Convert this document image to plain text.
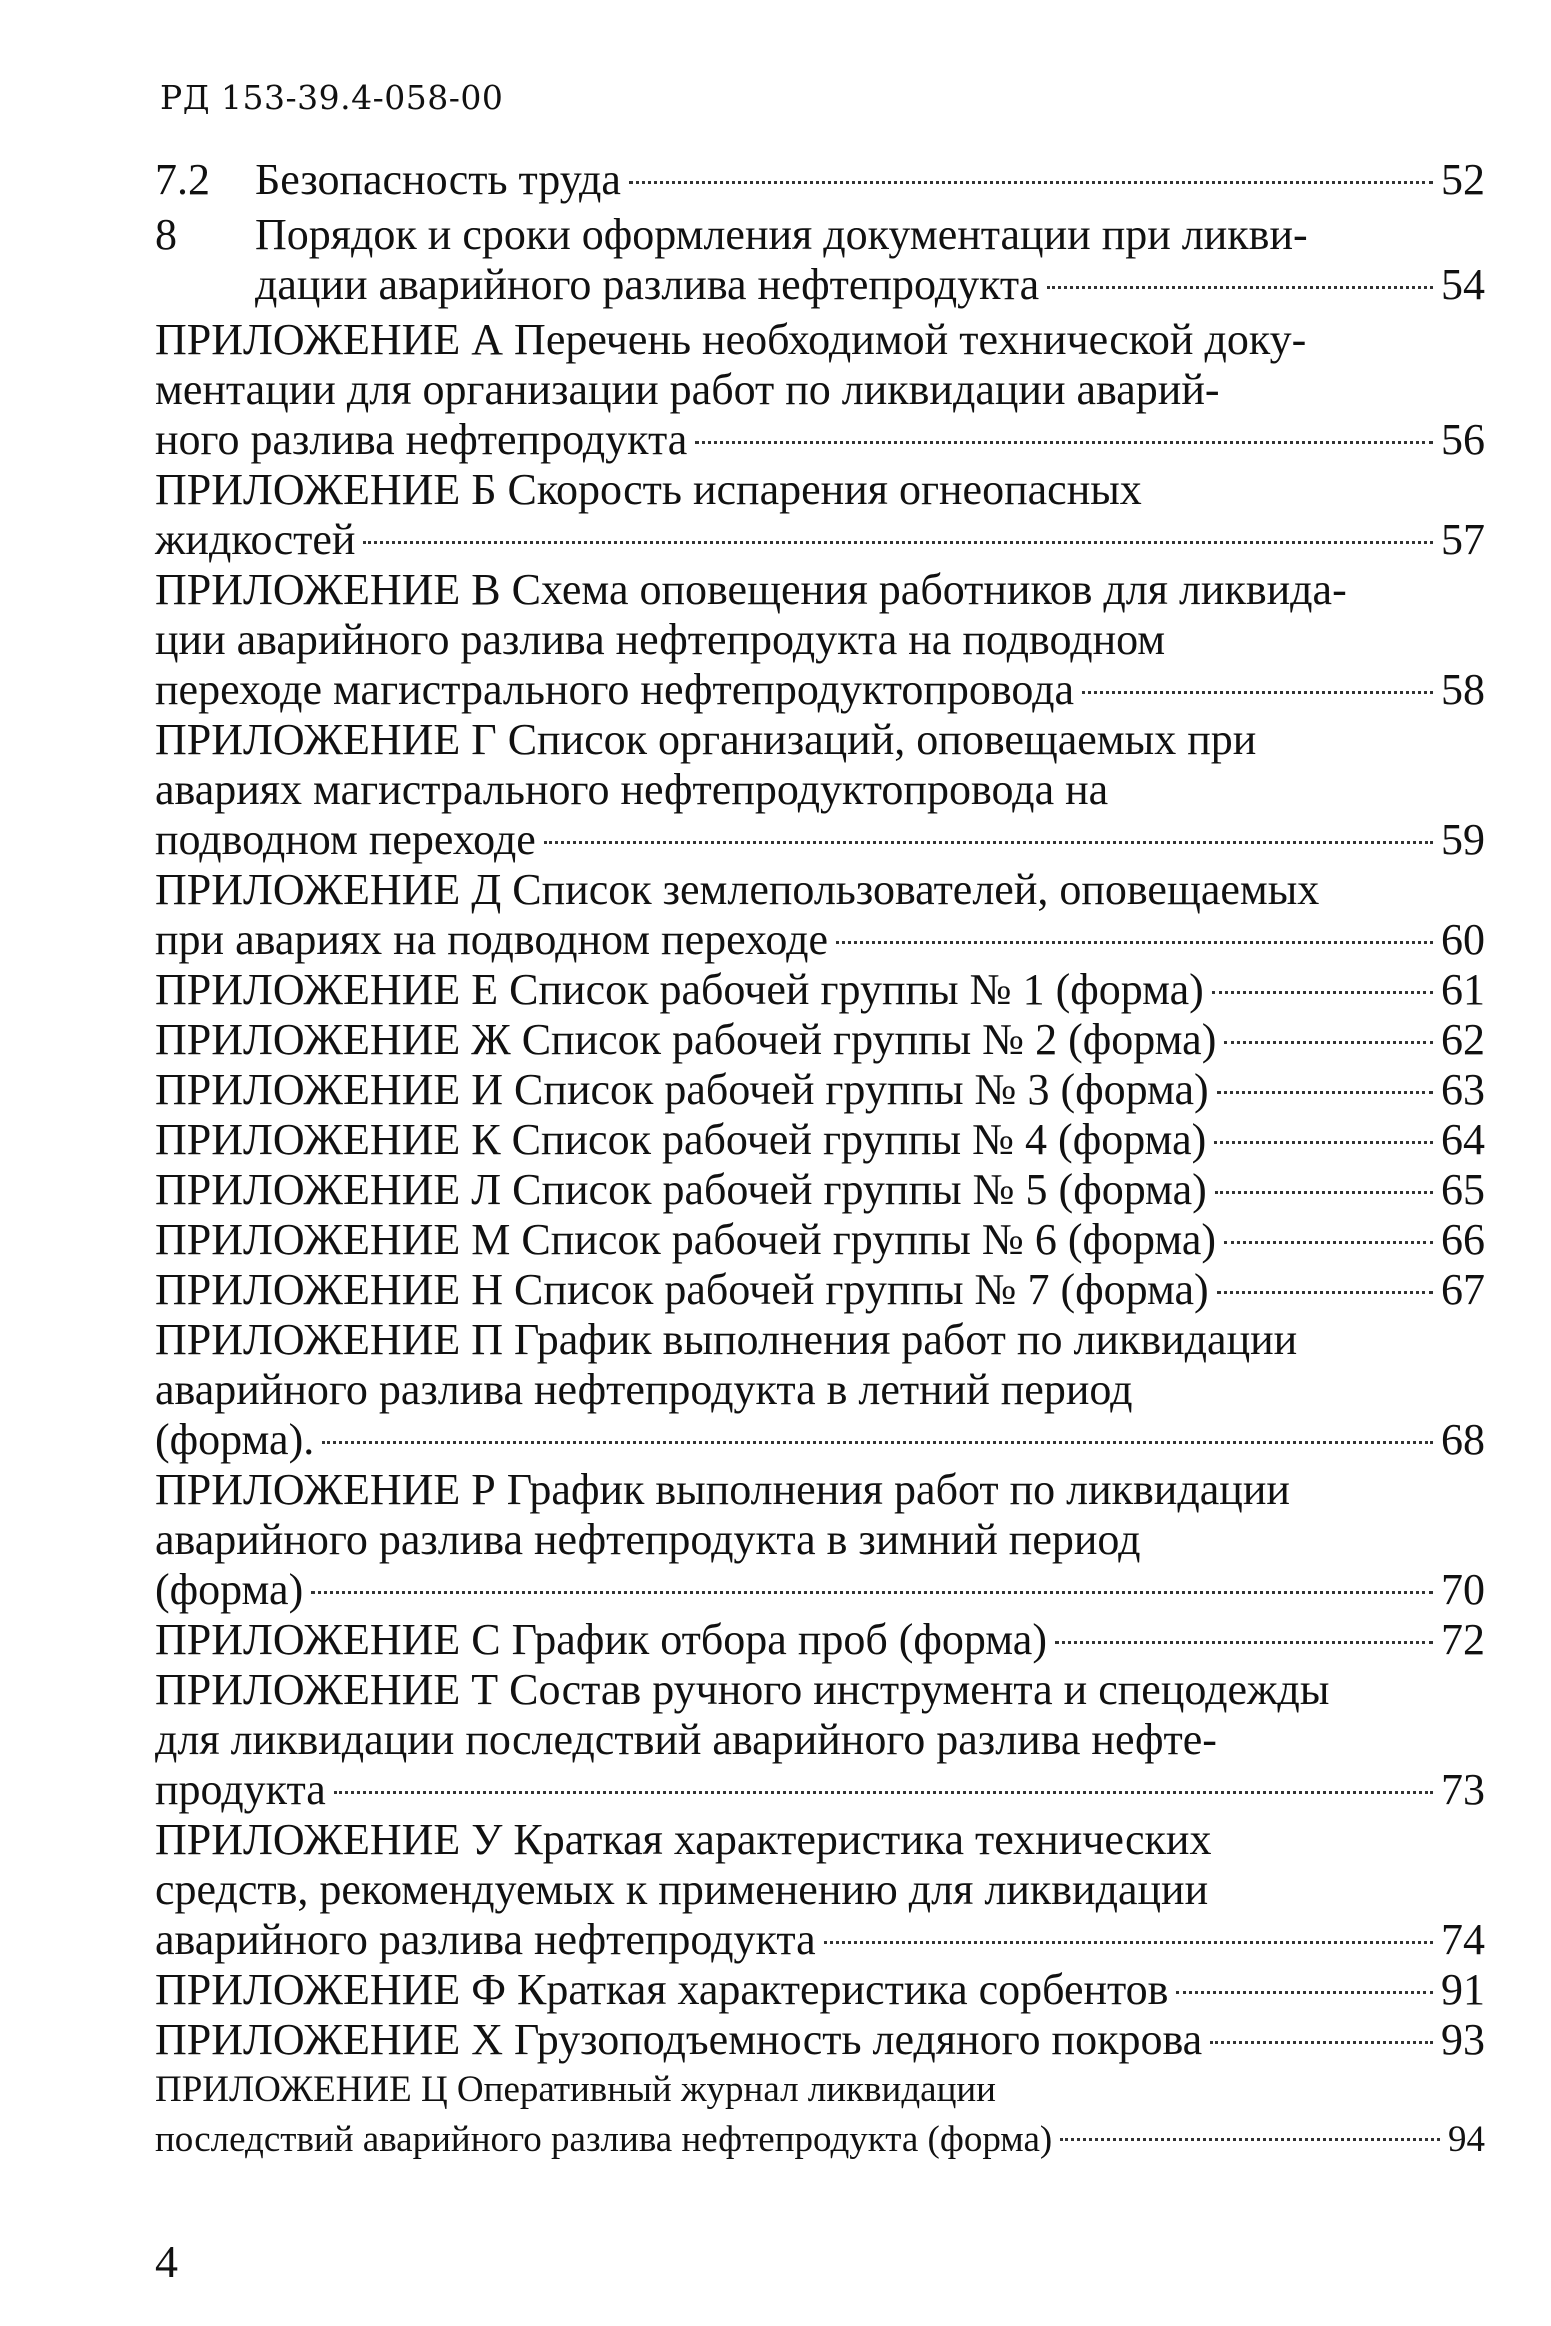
РД 153-39.4-058-00
7.2	Безопасность труда	52
8	Порядок и сроки оформления документации при ликви-
дации аварийного разлива нефтепродукта	54
ПРИЛОЖЕНИЕ А Перечень необходимой технической доку-
ментации для организации работ по ликвидации аварий-
ного разлива нефтепродукта	56
ПРИЛОЖЕНИЕ Б Скорость испарения огнеопасных
жидкостей	57
ПРИЛОЖЕНИЕ В Схема оповещения работников для ликвида-
ции аварийного разлива нефтепродукта на подводном
переходе магистрального нефтепродуктопровода	58
ПРИЛОЖЕНИЕ Г Список организаций, оповещаемых при
авариях магистрального нефтепродуктопровода на
подводном переходе	59
ПРИЛОЖЕНИЕ Д Список землепользователей, оповещаемых
при авариях на подводном переходе	60
ПРИЛОЖЕНИЕ Е Список рабочей группы № 1 (форма)	61
ПРИЛОЖЕНИЕ Ж Список рабочей группы № 2 (форма)	62
ПРИЛОЖЕНИЕ И Список рабочей группы № 3 (форма)	63
ПРИЛОЖЕНИЕ К Список рабочей группы № 4 (форма)	64
ПРИЛОЖЕНИЕ Л Список рабочей группы № 5 (форма)	65
ПРИЛОЖЕНИЕ М Список рабочей группы № 6 (форма)	66
ПРИЛОЖЕНИЕ Н Список рабочей группы № 7 (форма)	67
ПРИЛОЖЕНИЕ П График выполнения работ по ликвидации
аварийного разлива нефтепродукта в летний период
(форма).	68
ПРИЛОЖЕНИЕ Р График выполнения работ по ликвидации
аварийного разлива нефтепродукта в зимний период
(форма)	70
ПРИЛОЖЕНИЕ С График отбора проб (форма)	72
ПРИЛОЖЕНИЕ Т Состав ручного инструмента и спецодежды
для ликвидации последствий аварийного разлива нефте-
продукта	73
ПРИЛОЖЕНИЕ У Краткая характеристика технических
средств, рекомендуемых к применению для ликвидации
аварийного разлива нефтепродукта	74
ПРИЛОЖЕНИЕ Ф Краткая характеристика сорбентов	91
ПРИЛОЖЕНИЕ Х Грузоподъемность ледяного покрова	93
ПРИЛОЖЕНИЕ Ц Оперативный журнал ликвидации
последствий аварийного разлива нефтепродукта (форма)	94
4
